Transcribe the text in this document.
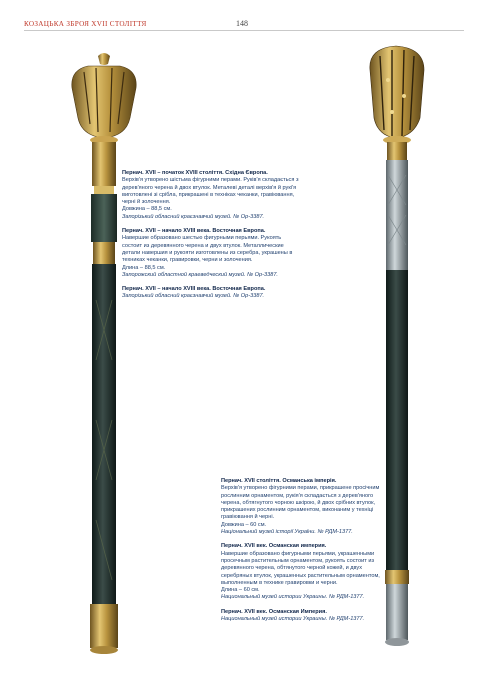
КОЗАЦЬКА ЗБРОЯ XVII СТОЛІТТЯ	148
Пернач. XVII – початок XVIII століття. Східна Європа.
Верхів'я утворено шістьма фігурними перами. Руків'я складається з дерев'яного черена й двох втулок. Металеві деталі верхів'я й рукі'я виготовлені зі срібла, прикрашені в техніках чеканки, гравіювання, черні й золочення.
Довжина – 88,5 см.
Запорізький обласний краєзнавчий музей. № Ор-3387.
Пернач. XVII – начало XVIII века. Восточная Европа.
Навершие образовано шестью фигурными перьями. Рукоять состоит из деревянного черена и двух втулок. Металлические детали навершия и рукояти изготовлены из серебра, украшены в техниках чеканки, гравировки, черни и золочения.
Длина – 88,5 см.
Запорожский областной краеведческий музей. № Ор-3387.
Пернач. XVII – начало XVIII века. Восточная Европа.
Запорізький обласний краєзнавчий музей. № Ор-3387.
Пернач. XVII століття. Османська імперія.
Верхів'я утворено фігурними перами, прикрашене просічним рослинним орнаментом, рукія'я складається з дерев'яного черена, обтягнутого чорною шкірою, й двох срібних втулок, прикрашених рослинним орнаментом, виконаним у техніці гравіювання й черні.
Довжина – 60 см.
Національний музей історії України. № РДМ-1377.
Пернач. XVII век. Османская империя.
Навершие образовано фигурными перьями, украшенными просечным растительным орнаментом, рукоять состоит из деревянного черена, обтянутого черной кожей, и двух серебряных втулок, украшенных растительным орнаментом, выполненным в технике гравировки и черни.
Длина – 60 см.
Национальный музей истории Украины. № РДМ-1377.
Пернач. XVII век. Османская Империя.
Национальный музей истории Украины. № РДМ-1377.
